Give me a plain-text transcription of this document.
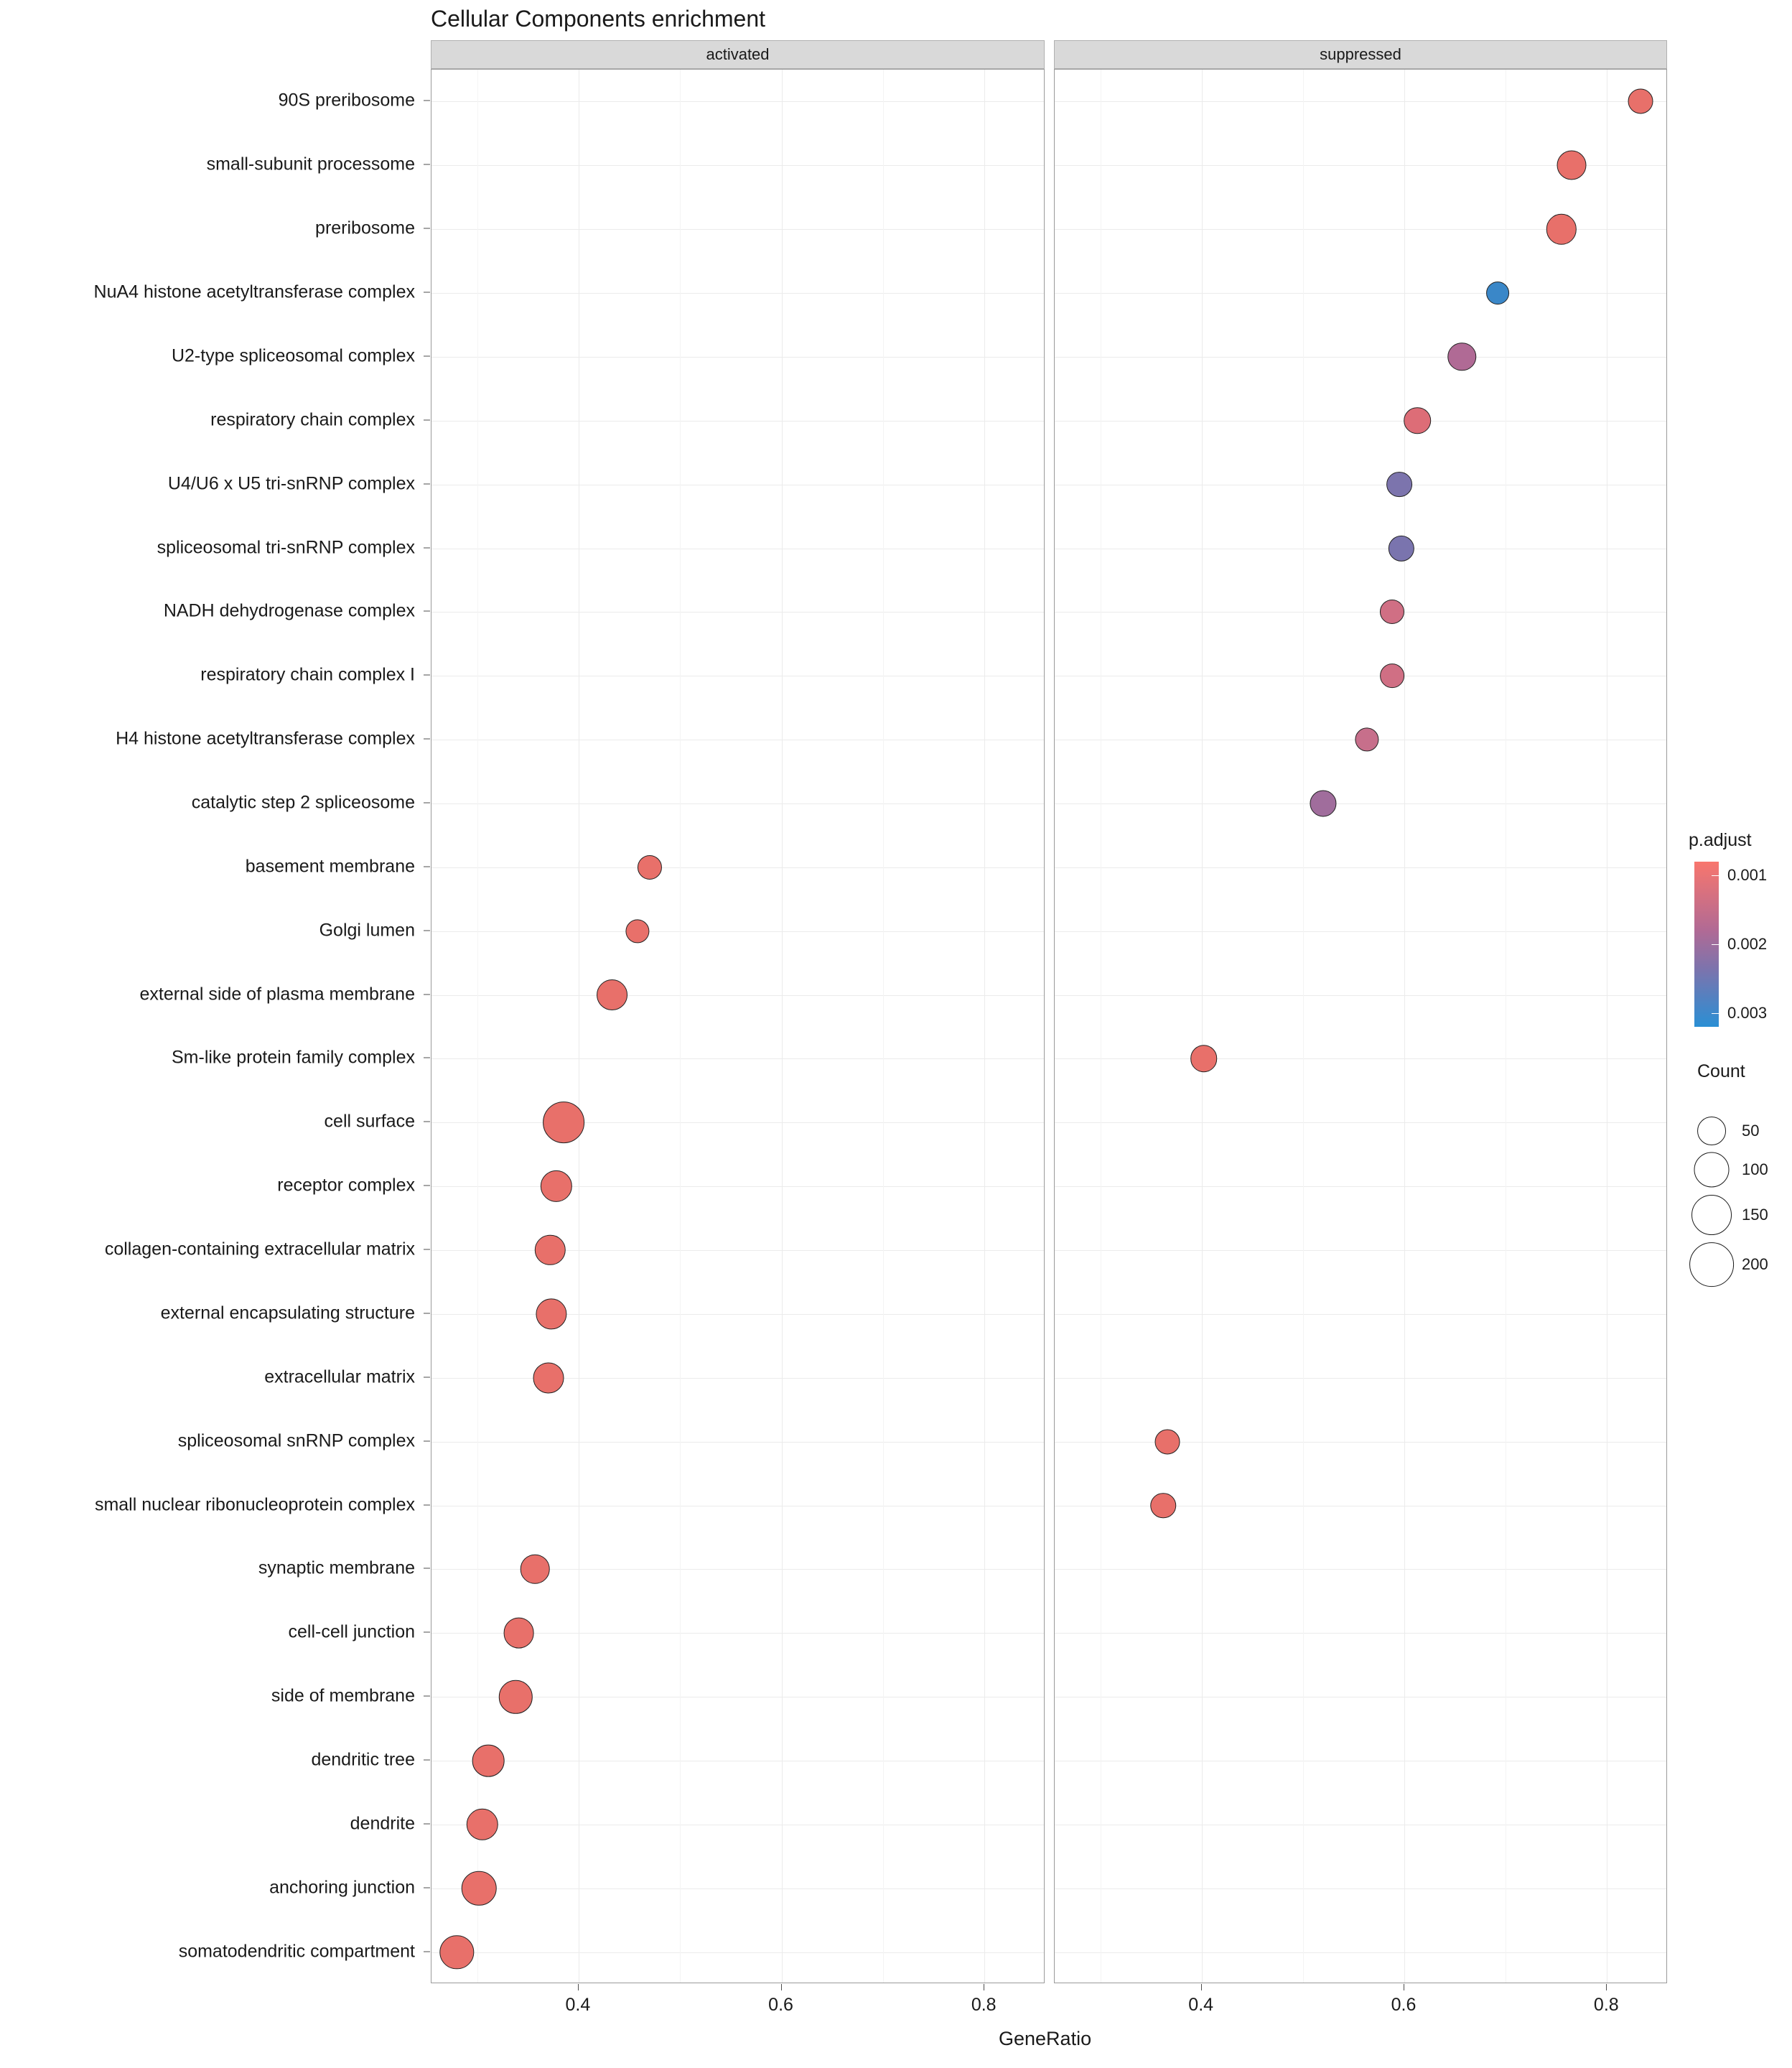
Cellular Components enrichment
activated	suppressed
90S preribosome
small-subunit processome
preribosome
NuA4 histone acetyltransferase complex
U2-type spliceosomal complex
respiratory chain complex
U4/U6 x U5 tri-snRNP complex
spliceosomal tri-snRNP complex
NADH dehydrogenase complex
respiratory chain complex I
H4 histone acetyltransferase complex
catalytic step 2 spliceosome
basement membrane
Golgi lumen
external side of plasma membrane
Sm-like protein family complex
cell surface
receptor complex
collagen-containing extracellular matrix
external encapsulating structure
extracellular matrix
spliceosomal snRNP complex
small nuclear ribonucleoprotein complex
synaptic membrane
cell-cell junction
side of membrane
dendritic tree
dendrite
anchoring junction
somatodendritic compartment
0.4	0.6	0.8	0.4	0.6	0.8
GeneRatio
p.adjust
0.001
0.002
0.003
Count
50
100
150
200
